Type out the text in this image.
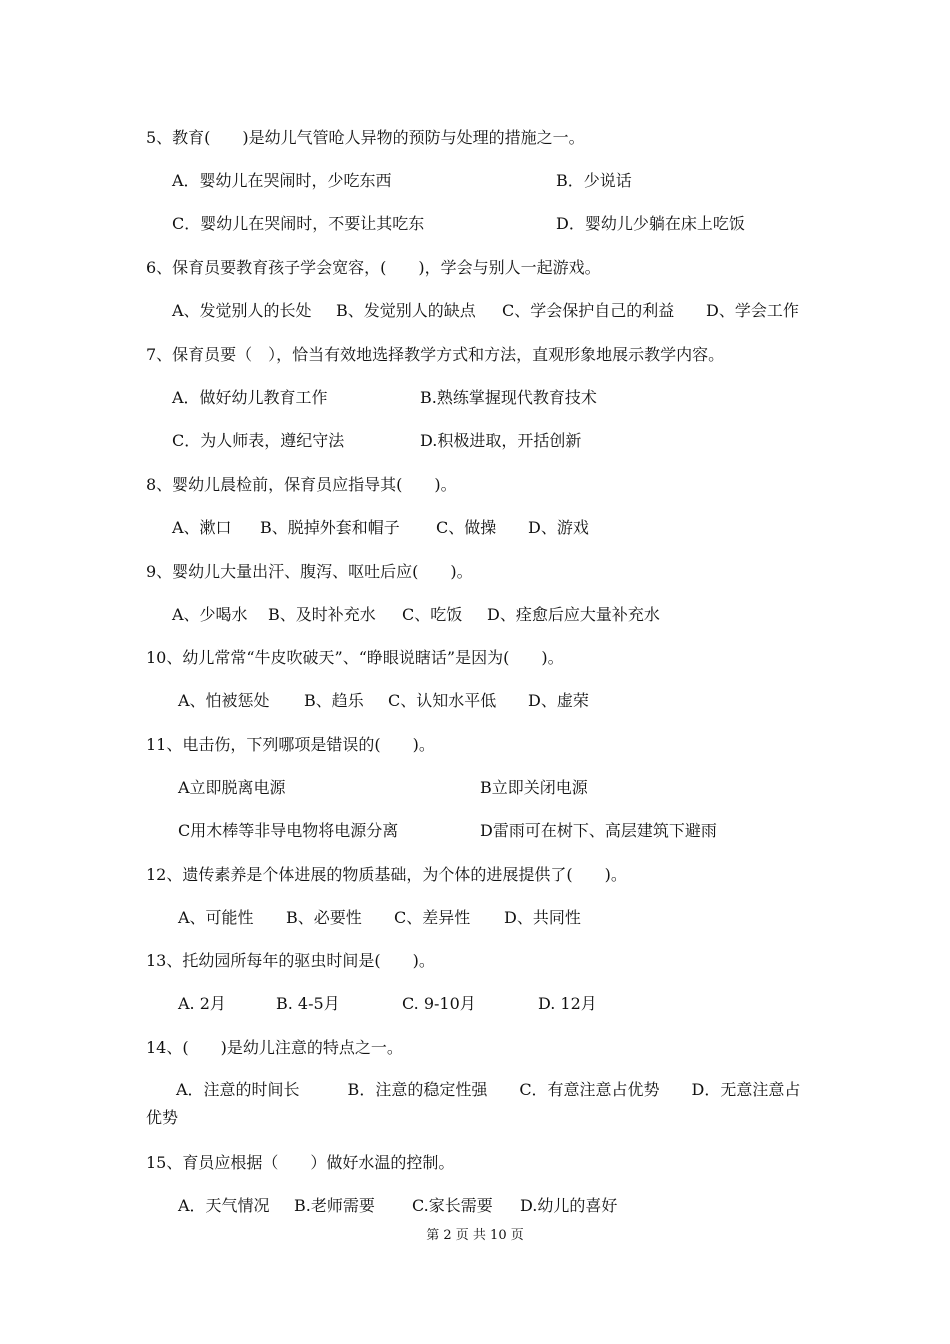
5、教育(　　)是幼儿气管呛人异物的预防与处理的措施之一。
A．婴幼儿在哭闹时，少吃东西	B．少说话
C．婴幼儿在哭闹时，不要让其吃东	D．婴幼儿少躺在床上吃饭
6、保育员要教育孩子学会宽容，(　　)，学会与别人一起游戏。
A、发觉别人的长处 B、发觉别人的缺点 C、学会保护自己的利益 D、学会工作
7、保育员要（　），恰当有效地选择教学方式和方法，直观形象地展示教学内容。
A．做好幼儿教育工作	B.熟练掌握现代教育技术
C．为人师表，遵纪守法	D.积极进取，开括创新
8、婴幼儿晨检前，保育员应指导其(　　)。
A、漱口 B、脱掉外套和帽子 C、做操 D、游戏
9、婴幼儿大量出汗、腹泻、呕吐后应(　　)。
A、少喝水 B、及时补充水 C、吃饭 D、痊愈后应大量补充水
10、幼儿常常“牛皮吹破天”、“睁眼说瞎话”是因为(　　)。
A、怕被惩处 B、趋乐 C、认知水平低 D、虚荣
11、电击伤，下列哪项是错误的(　　)。
A立即脱离电源	B立即关闭电源
C用木棒等非导电物将电源分离	D雷雨可在树下、高层建筑下避雨
12、遗传素养是个体进展的物质基础，为个体的进展提供了(　　)。
A、可能性 B、必要性 C、差异性 D、共同性
13、托幼园所每年的驱虫时间是(　　)。
A. 2月	B. 4-5月	C. 9-10月	D. 12月
14、(　　)是幼儿注意的特点之一。
A．注意的时间长　　　B．注意的稳定性强　　C．有意注意占优势　　D．无意注意占优势
15、育员应根据（　　）做好水温的控制。
A．天气情况 B.老师需要 C.家长需要 D.幼儿的喜好
第 2 页 共 10 页
